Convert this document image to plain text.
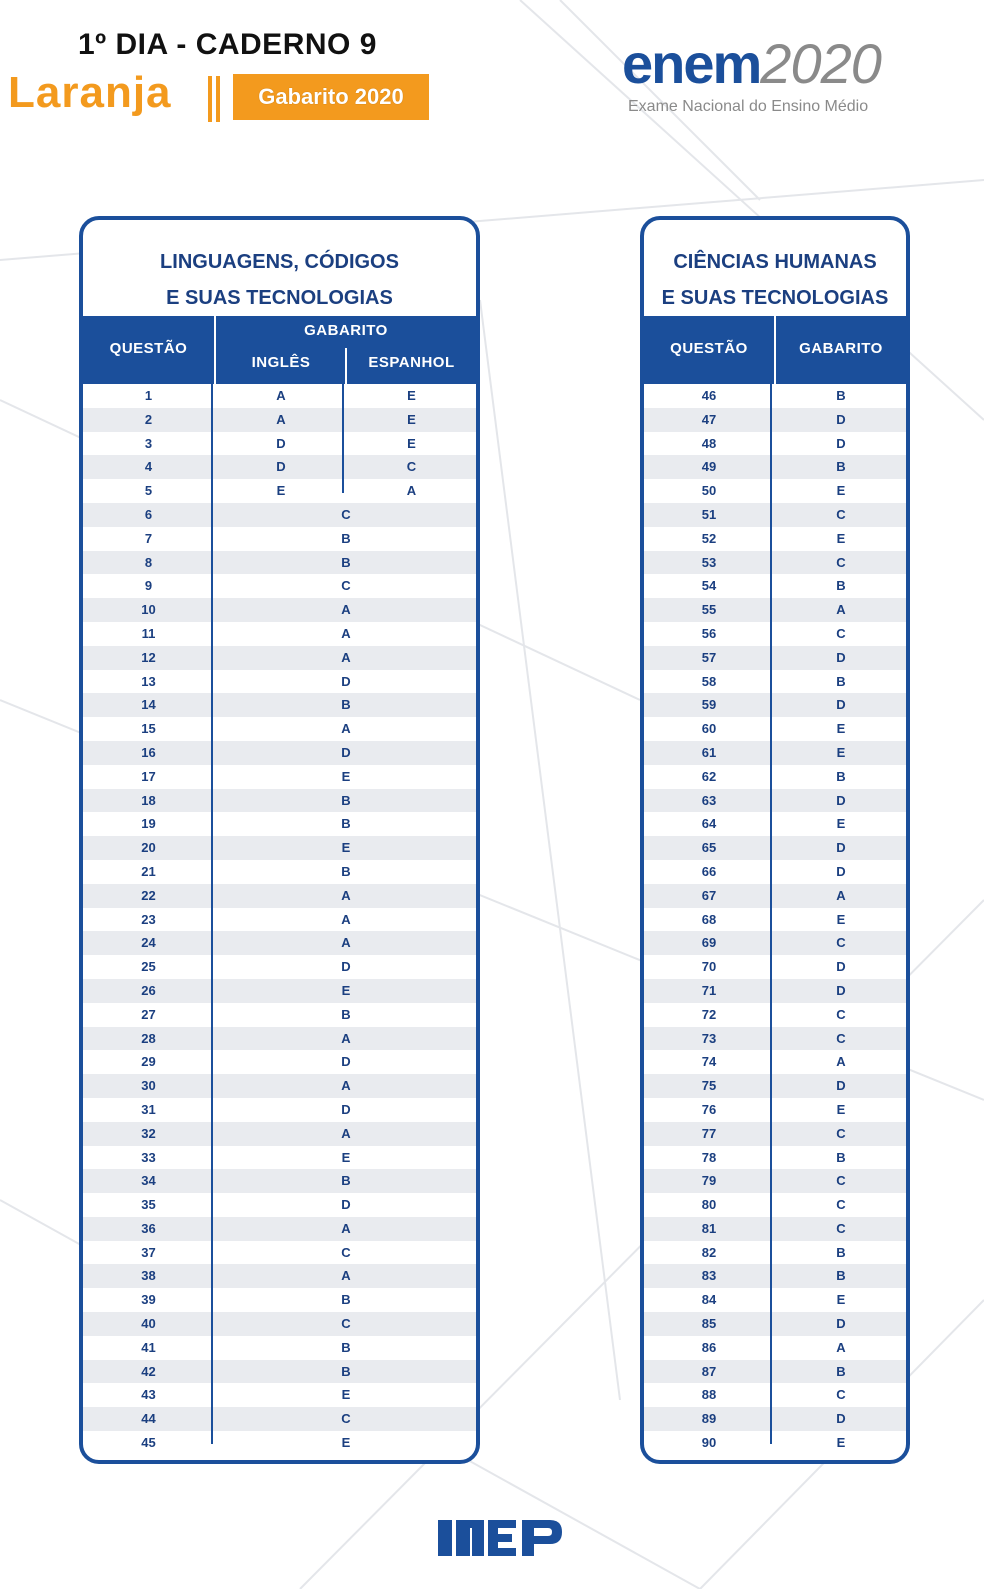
1º DIA - CADERNO 9
Laranja	Gabarito 2020
enem2020
Exame Nacional do Ensino Médio
LINGUAGENS, CÓDIGOS
E SUAS TECNOLOGIAS
QUESTÃO
GABARITO
INGLÊS	ESPANHOL
1	A	E
2	A	E
3	D	E
4	D	C
5	E	A
6	C
7	B
8	B
9	C
10	A
11	A
12	A
13	D
14	B
15	A
16	D
17	E
18	B
19	B
20	E
21	B
22	A
23	A
24	A
25	D
26	E
27	B
28	A
29	D
30	A
31	D
32	A
33	E
34	B
35	D
36	A
37	C
38	A
39	B
40	C
41	B
42	B
43	E
44	C
45	E
CIÊNCIAS HUMANAS
E SUAS TECNOLOGIAS
QUESTÃO	GABARITO
46	B
47	D
48	D
49	B
50	E
51	C
52	E
53	C
54	B
55	A
56	C
57	D
58	B
59	D
60	E
61	E
62	B
63	D
64	E
65	D
66	D
67	A
68	E
69	C
70	D
71	D
72	C
73	C
74	A
75	D
76	E
77	C
78	B
79	C
80	C
81	C
82	B
83	B
84	E
85	D
86	A
87	B
88	C
89	D
90	E
